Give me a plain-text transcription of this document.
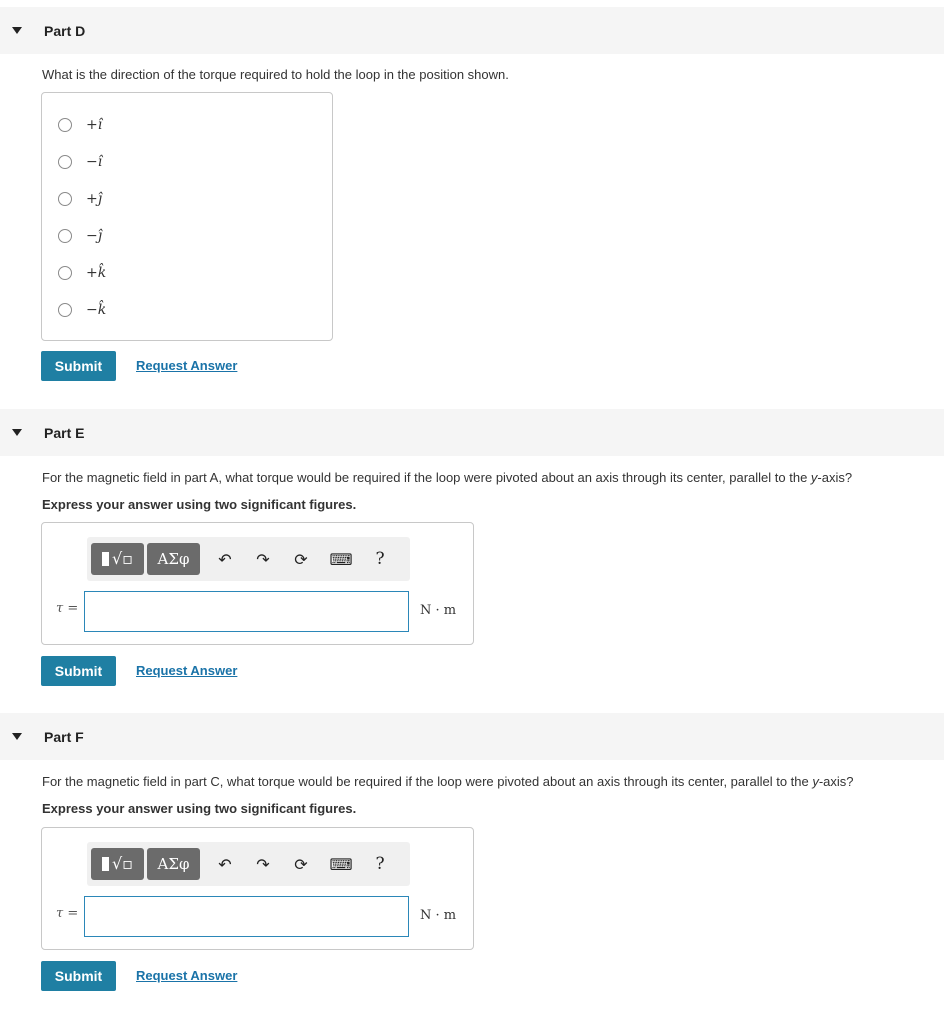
Part D
What is the direction of the torque required to hold the loop in the position shown.
+î
−î
+ĵ
−ĵ
+k̂
−k̂
Submit	Request Answer
Part E
For the magnetic field in part A, what torque would be required if the loop were pivoted about an axis through its center, parallel to the y-axis?
Express your answer using two significant figures.
√▫	ΑΣφ	↶ ↷ ⟳ ⌨	?
τ =	N · m
Submit	Request Answer
Part F
For the magnetic field in part C, what torque would be required if the loop were pivoted about an axis through its center, parallel to the y-axis?
Express your answer using two significant figures.
√▫	ΑΣφ	↶ ↷ ⟳ ⌨	?
τ =	N · m
Submit	Request Answer
